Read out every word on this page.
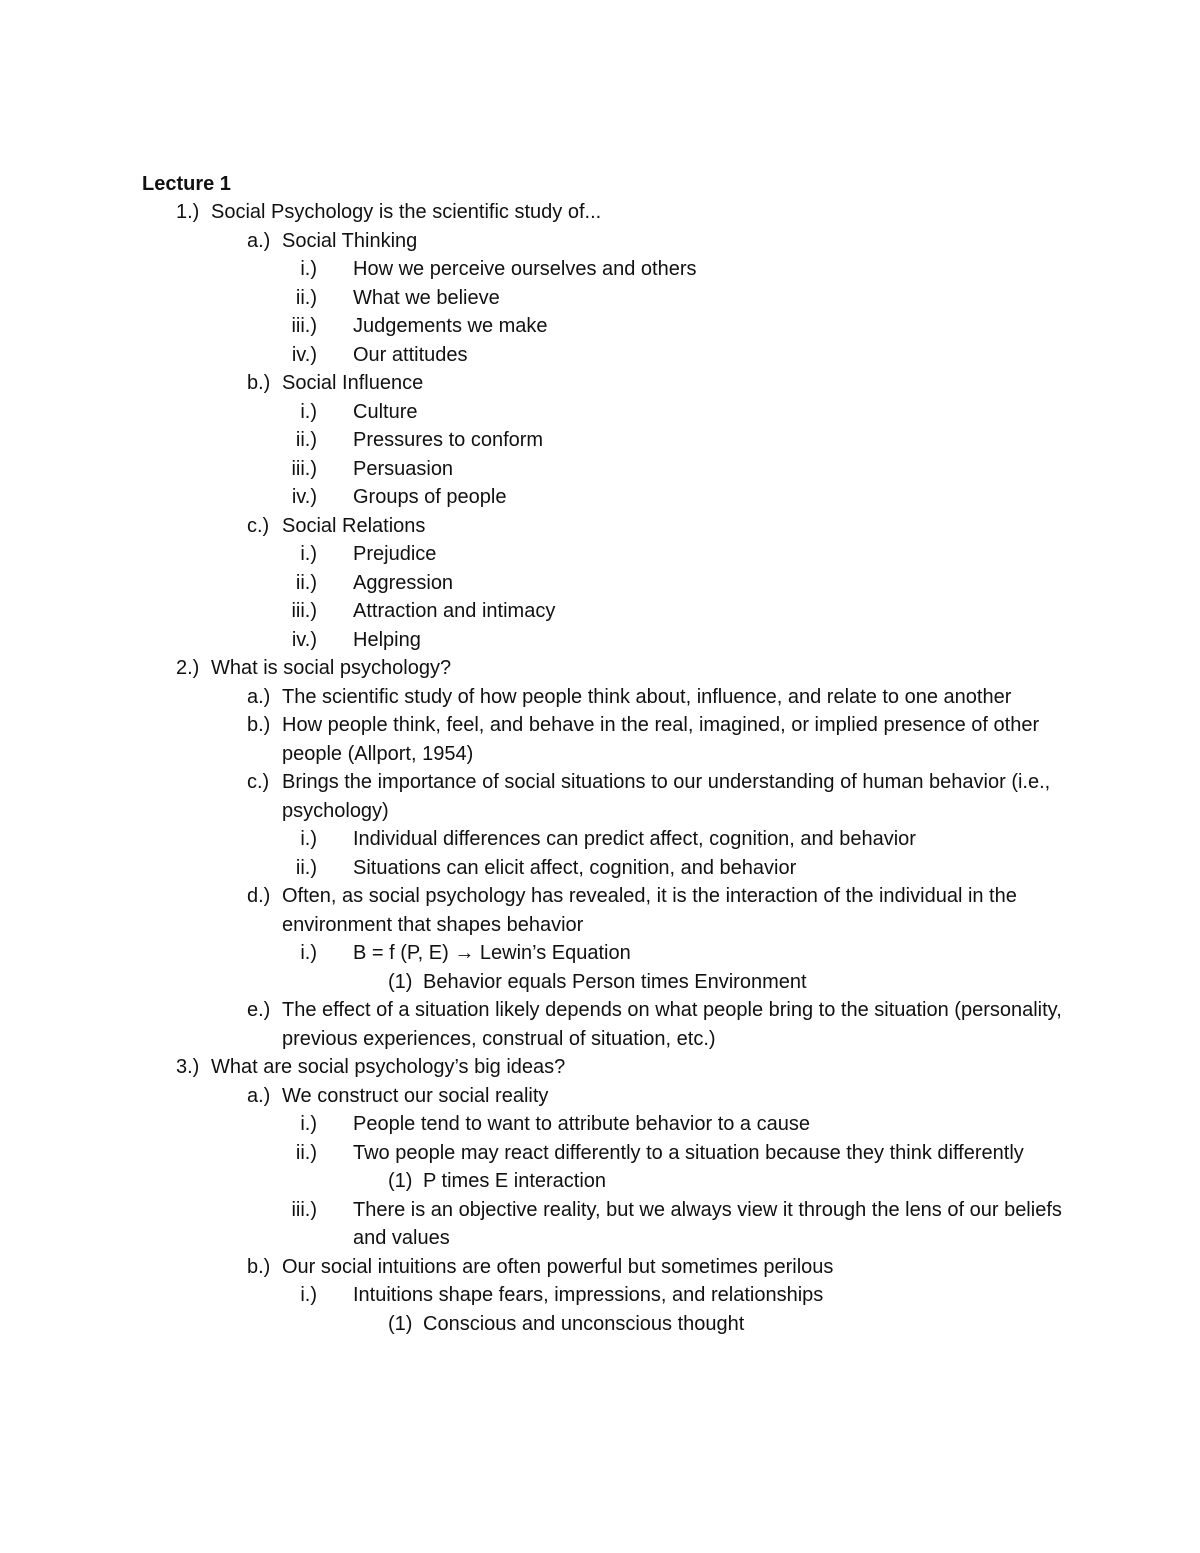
Lecture 1
1.) Social Psychology is the scientific study of...
a.) Social Thinking
i.) How we perceive ourselves and others
ii.) What we believe
iii.) Judgements we make
iv.) Our attitudes
b.) Social Influence
i.) Culture
ii.) Pressures to conform
iii.) Persuasion
iv.) Groups of people
c.) Social Relations
i.) Prejudice
ii.) Aggression
iii.) Attraction and intimacy
iv.) Helping
2.) What is social psychology?
a.) The scientific study of how people think about, influence, and relate to one another
b.) How people think, feel, and behave in the real, imagined, or implied presence of other people (Allport, 1954)
c.) Brings the importance of social situations to our understanding of human behavior (i.e., psychology)
i.) Individual differences can predict affect, cognition, and behavior
ii.) Situations can elicit affect, cognition, and behavior
d.) Often, as social psychology has revealed, it is the interaction of the individual in the environment that shapes behavior
i.) B = f (P, E) → Lewin’s Equation
(1) Behavior equals Person times Environment
e.) The effect of a situation likely depends on what people bring to the situation (personality, previous experiences, construal of situation, etc.)
3.) What are social psychology’s big ideas?
a.) We construct our social reality
i.) People tend to want to attribute behavior to a cause
ii.) Two people may react differently to a situation because they think differently
(1) P times E interaction
iii.) There is an objective reality, but we always view it through the lens of our beliefs and values
b.) Our social intuitions are often powerful but sometimes perilous
i.) Intuitions shape fears, impressions, and relationships
(1) Conscious and unconscious thought
